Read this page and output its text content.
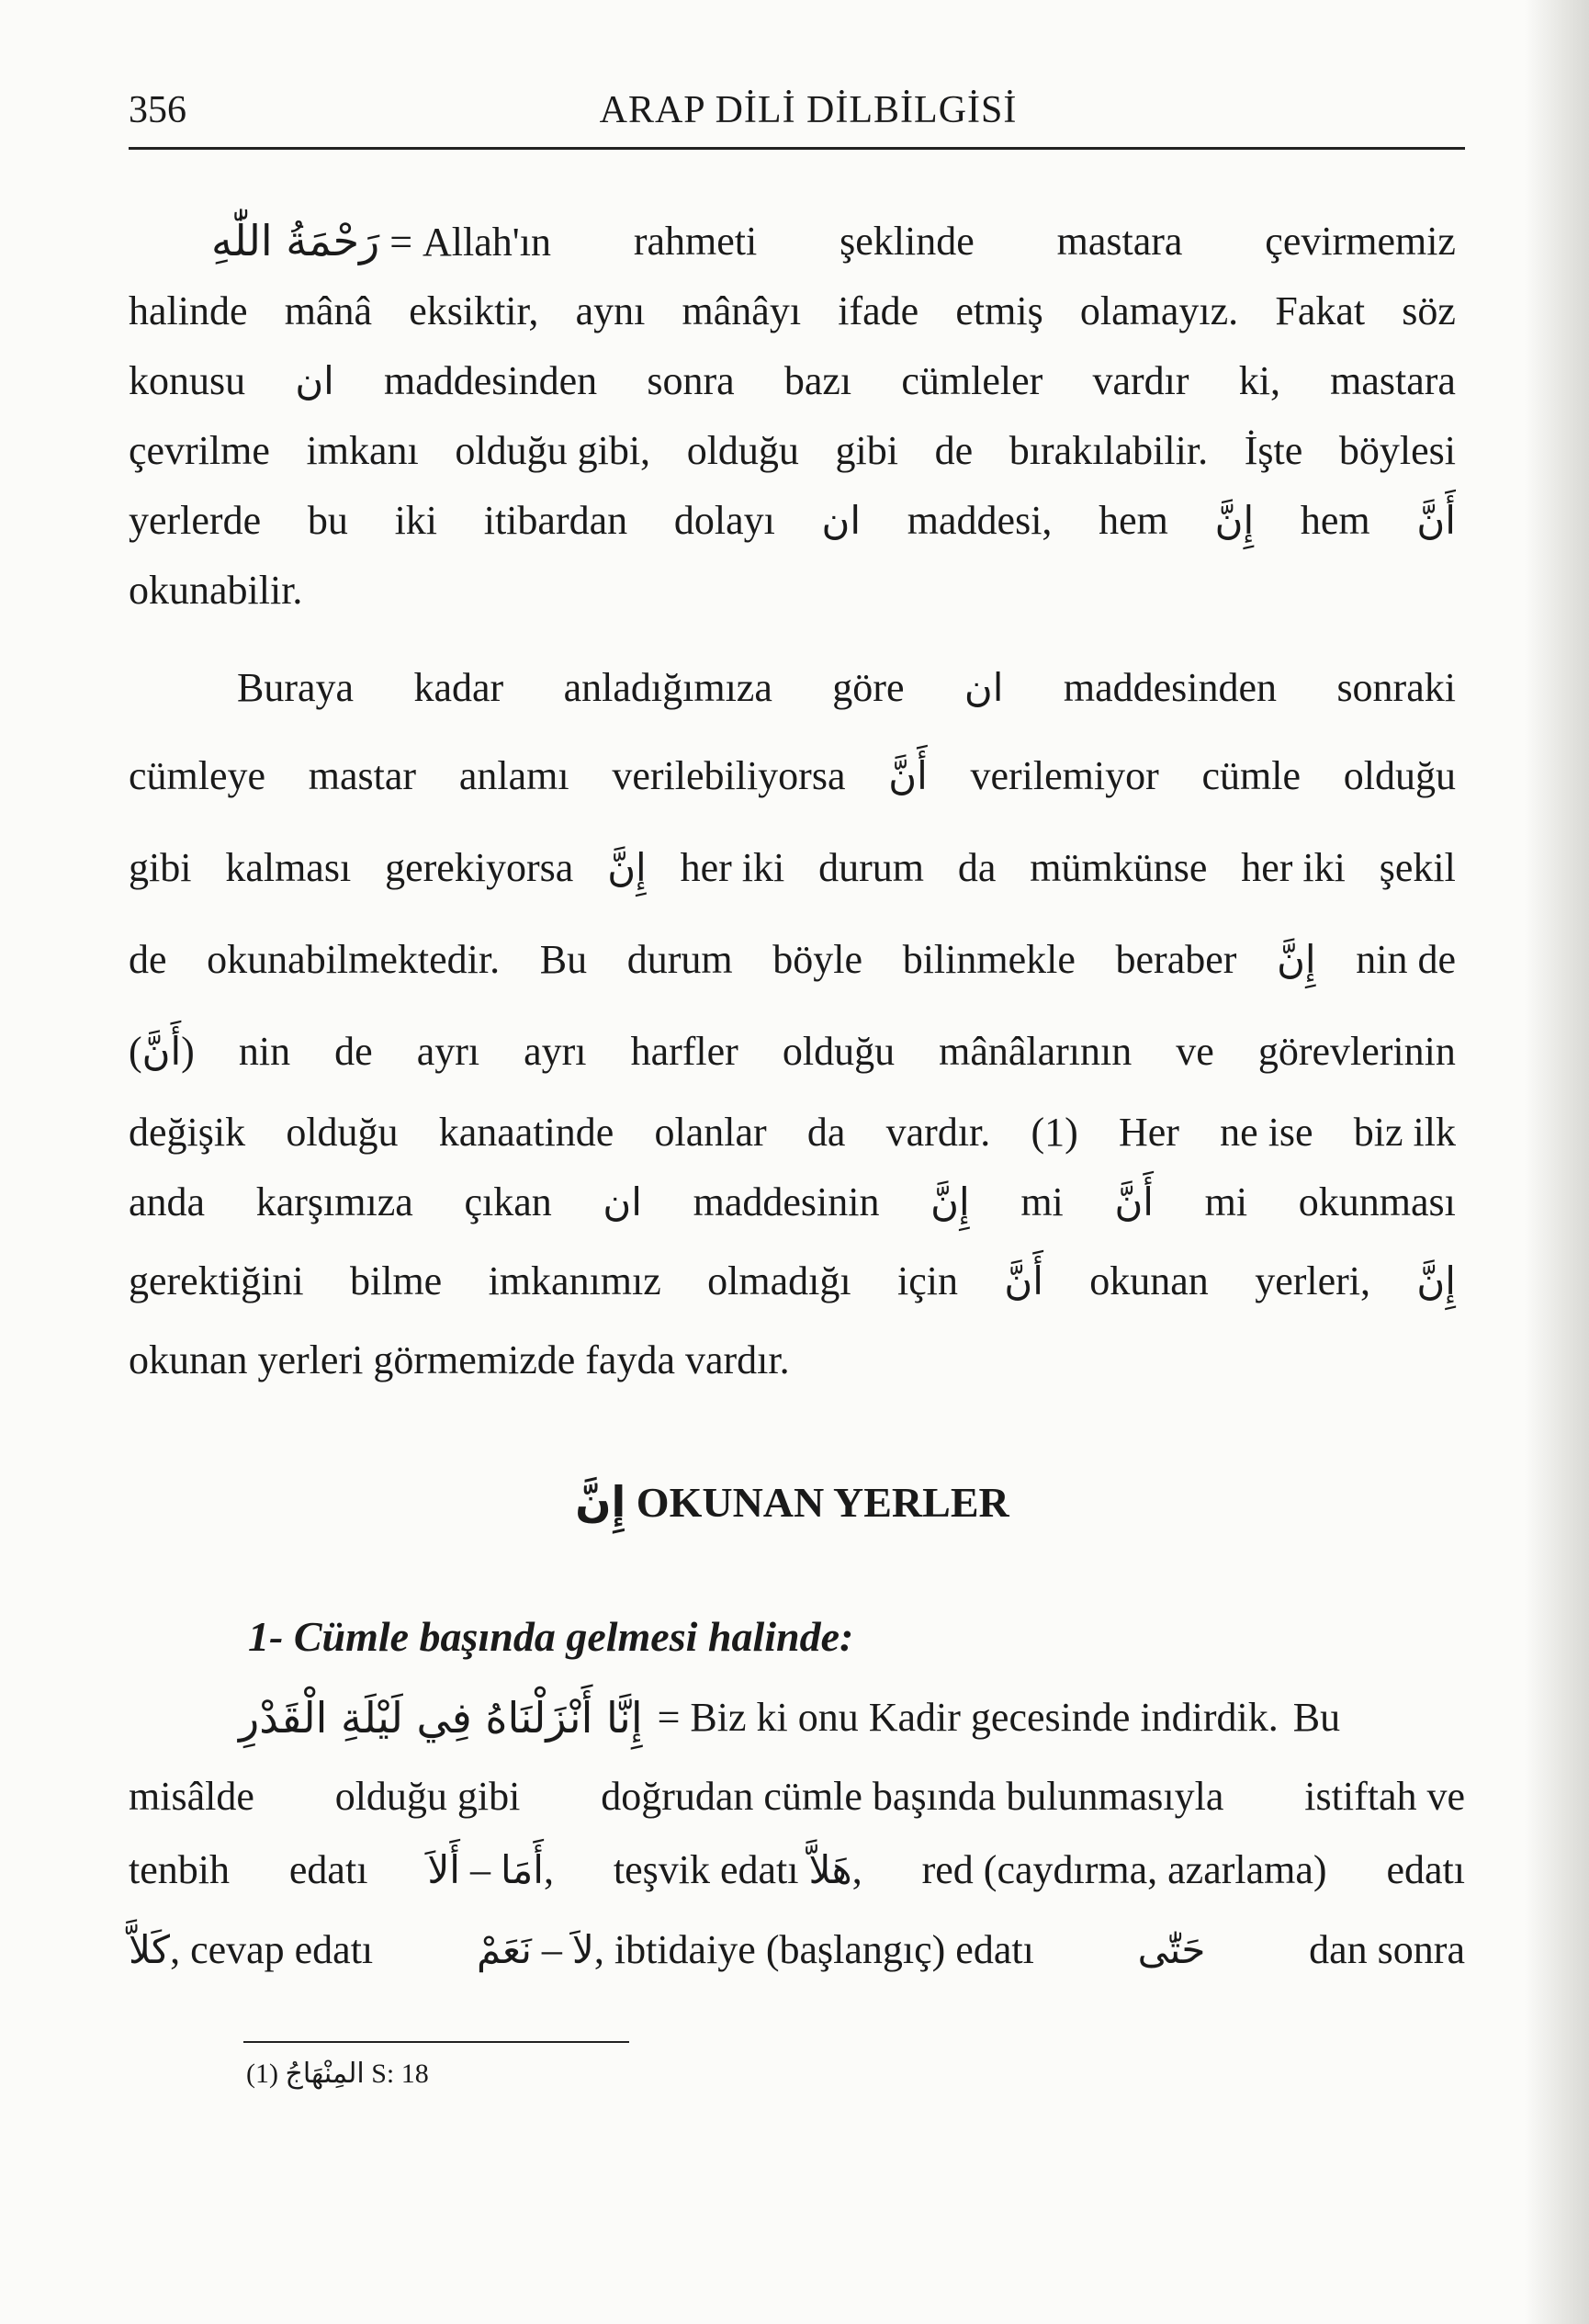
356	ARAP DİLİ DİLBİLGİSİ
رَحْمَةُ اللّٰهِ = Allah'ın rahmeti şeklinde mastara çevirmemiz
halinde mânâ eksiktir, aynı mânâyı ifade etmiş olamayız. Fakat söz
konusu ان maddesinden sonra bazı cümleler vardır ki, mastara
çevrilme imkanı olduğu gibi, olduğu gibi de bırakılabilir. İşte böylesi
yerlerde bu iki itibardan dolayı ان maddesi, hem إِنَّ hem أَنَّ
okunabilir.
Buraya kadar anladığımıza göre ان maddesinden sonraki
cümleye mastar anlamı verilebiliyorsa أَنَّ verilemiyor cümle olduğu
gibi kalması gerekiyorsa إِنَّ her iki durum da mümkünse her iki şekil
de okunabilmektedir. Bu durum böyle bilinmekle beraber إِنَّ nin de
(أَنَّ) nin de ayrı ayrı harfler olduğu mânâlarının ve görevlerinin
değişik olduğu kanaatinde olanlar da vardır. (1) Her ne ise biz ilk
anda karşımıza çıkan ان maddesinin إِنَّ mi أَنَّ mi okunması
gerektiğini bilme imkanımız olmadığı için أَنَّ okunan yerleri, إِنَّ
okunan yerleri görmemizde fayda vardır.
إِنَّ OKUNAN YERLER
1- Cümle başında gelmesi halinde:
إِنَّا أَنْزَلْنَاهُ فِي لَيْلَةِ الْقَدْرِ = Biz ki onu Kadir gecesinde indirdik. Bu
misâlde olduğu gibi doğrudan cümle başında bulunmasıyla istiftah ve
tenbih edatı أَلاَ – أَمَا, teşvik edatı هَلاَّ, red (caydırma, azarlama) edatı
كَلاَّ, cevap edatı	نَعَمْ – لاَ, ibtidaiye (başlangıç) edatı	حَتّٰى	dan sonra
(1) المِنْهَاجُ S: 18
